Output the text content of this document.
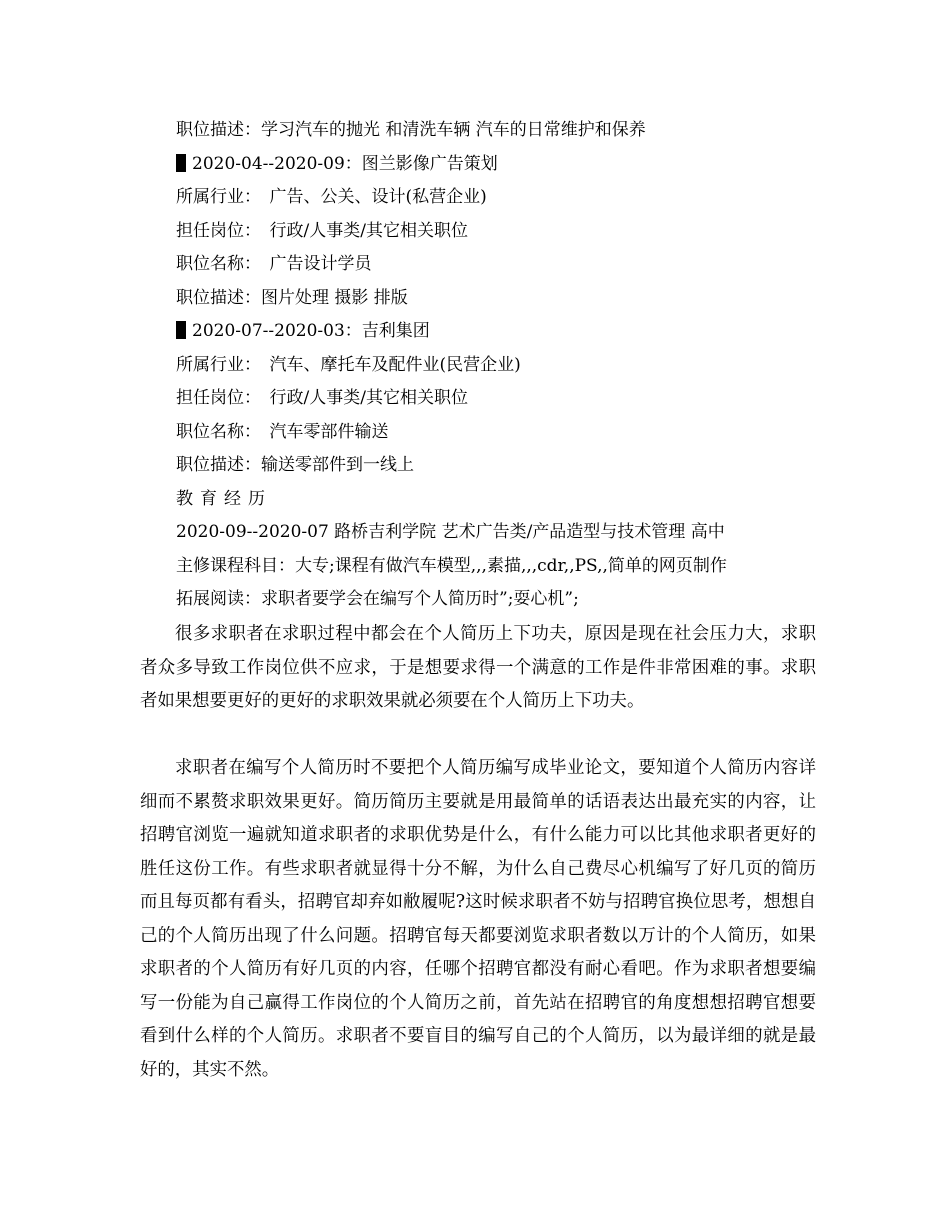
职位描述：学习汽车的抛光 和清洗车辆 汽车的日常维护和保养
2020-04--2020-09：图兰影像广告策划
所属行业：　广告、公关、设计(私营企业)
担任岗位：　行政/人事类/其它相关职位
职位名称：　广告设计学员
职位描述：图片处理 摄影 排版
2020-07--2020-03：吉利集团
所属行业：　汽车、摩托车及配件业(民营企业)
担任岗位：　行政/人事类/其它相关职位
职位名称：　汽车零部件输送
职位描述：输送零部件到一线上
教育经历
2020-09--2020-07 路桥吉利学院 艺术广告类/产品造型与技术管理 高中
主修课程科目：大专;课程有做汽车模型,,,素描,,,cdr,,PS,,简单的网页制作
拓展阅读：求职者要学会在编写个人简历时”;耍心机”;

很多求职者在求职过程中都会在个人简历上下功夫，原因是现在社会压力大，求职者众多导致工作岗位供不应求，于是想要求得一个满意的工作是件非常困难的事。求职者如果想要更好的更好的求职效果就必须要在个人简历上下功夫。

求职者在编写个人简历时不要把个人简历编写成毕业论文，要知道个人简历内容详细而不累赘求职效果更好。简历简历主要就是用最简单的话语表达出最充实的内容，让招聘官浏览一遍就知道求职者的求职优势是什么，有什么能力可以比其他求职者更好的胜任这份工作。有些求职者就显得十分不解，为什么自己费尽心机编写了好几页的简历而且每页都有看头，招聘官却弃如敝履呢?这时候求职者不妨与招聘官换位思考，想想自己的个人简历出现了什么问题。招聘官每天都要浏览求职者数以万计的个人简历，如果求职者的个人简历有好几页的内容，任哪个招聘官都没有耐心看吧。作为求职者想要编写一份能为自己赢得工作岗位的个人简历之前，首先站在招聘官的角度想想招聘官想要看到什么样的个人简历。求职者不要盲目的编写自己的个人简历，以为最详细的就是最好的，其实不然。
